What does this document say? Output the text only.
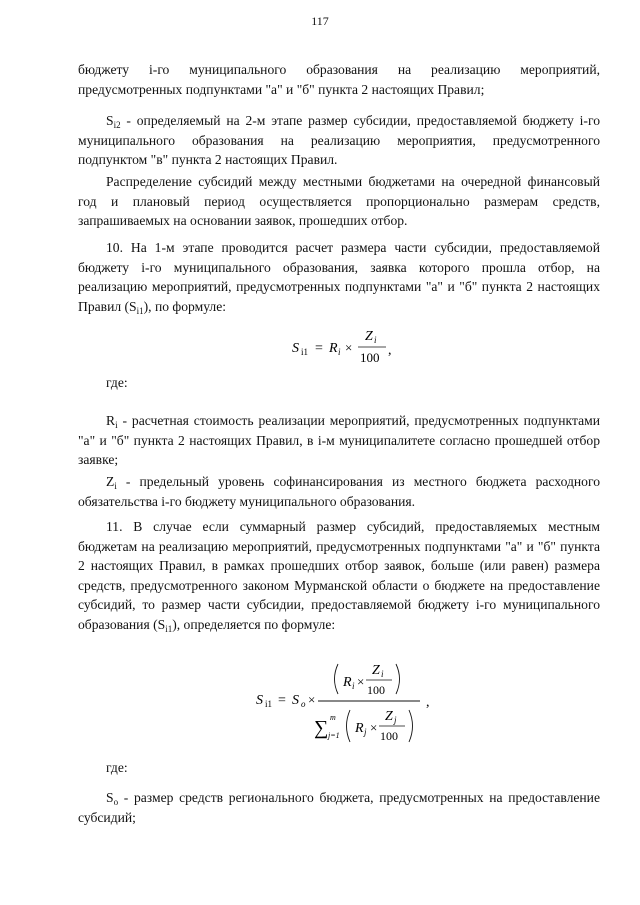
117

бюджету i-го муниципального образования на реализацию мероприятий, предусмотренных подпунктами "а" и "б" пункта 2 настоящих Правил;

$S_{i2}$ - определяемый на 2-м этапе размер субсидии, предоставляемой бюджету i-го муниципального образования на реализацию мероприятия, предусмотренного подпунктом "в" пункта 2 настоящих Правил.

Распределение субсидий между местными бюджетами на очередной финансовый год и плановый период осуществляется пропорционально размерам средств, запрашиваемых на основании заявок, прошедших отбор.

10. На 1-м этапе проводится расчет размера части субсидии, предоставляемой бюджету i-го муниципального образования, заявка которого прошла отбор, на реализацию мероприятий, предусмотренных подпунктами "а" и "б" пункта 2 настоящих Правил $(S_{i1})$, по формуле:

S i1 = R i ×
Z i
100 ,

где:

$R_i$ - расчетная стоимость реализации мероприятий, предусмотренных подпунктами "а" и "б" пункта 2 настоящих Правил, в i-м муниципалитете согласно прошедшей отбор заявке;

$Z_i$ - предельный уровень софинансирования из местного бюджета расходного обязательства i-го бюджету муниципального образования.

11. В случае если суммарный размер субсидий, предоставляемых местным бюджетам на реализацию мероприятий, предусмотренных подпунктами "а" и "б" пункта 2 настоящих Правил, в рамках прошедших отбор заявок, больше (или равен) размера средств, предусмотренного законом Мурманской области о бюджете на предоставление субсидий, то размер части субсидии, предоставляемой бюджету i-го муниципального образования $(S_{i1})$, определяется по формуле:

S i1 = S o ×
R i ×
Z i
100
∑ m
j=1 R j ×
Z j
100
,

где:

$S_o$ - размер средств регионального бюджета, предусмотренных на предоставление субсидий;
